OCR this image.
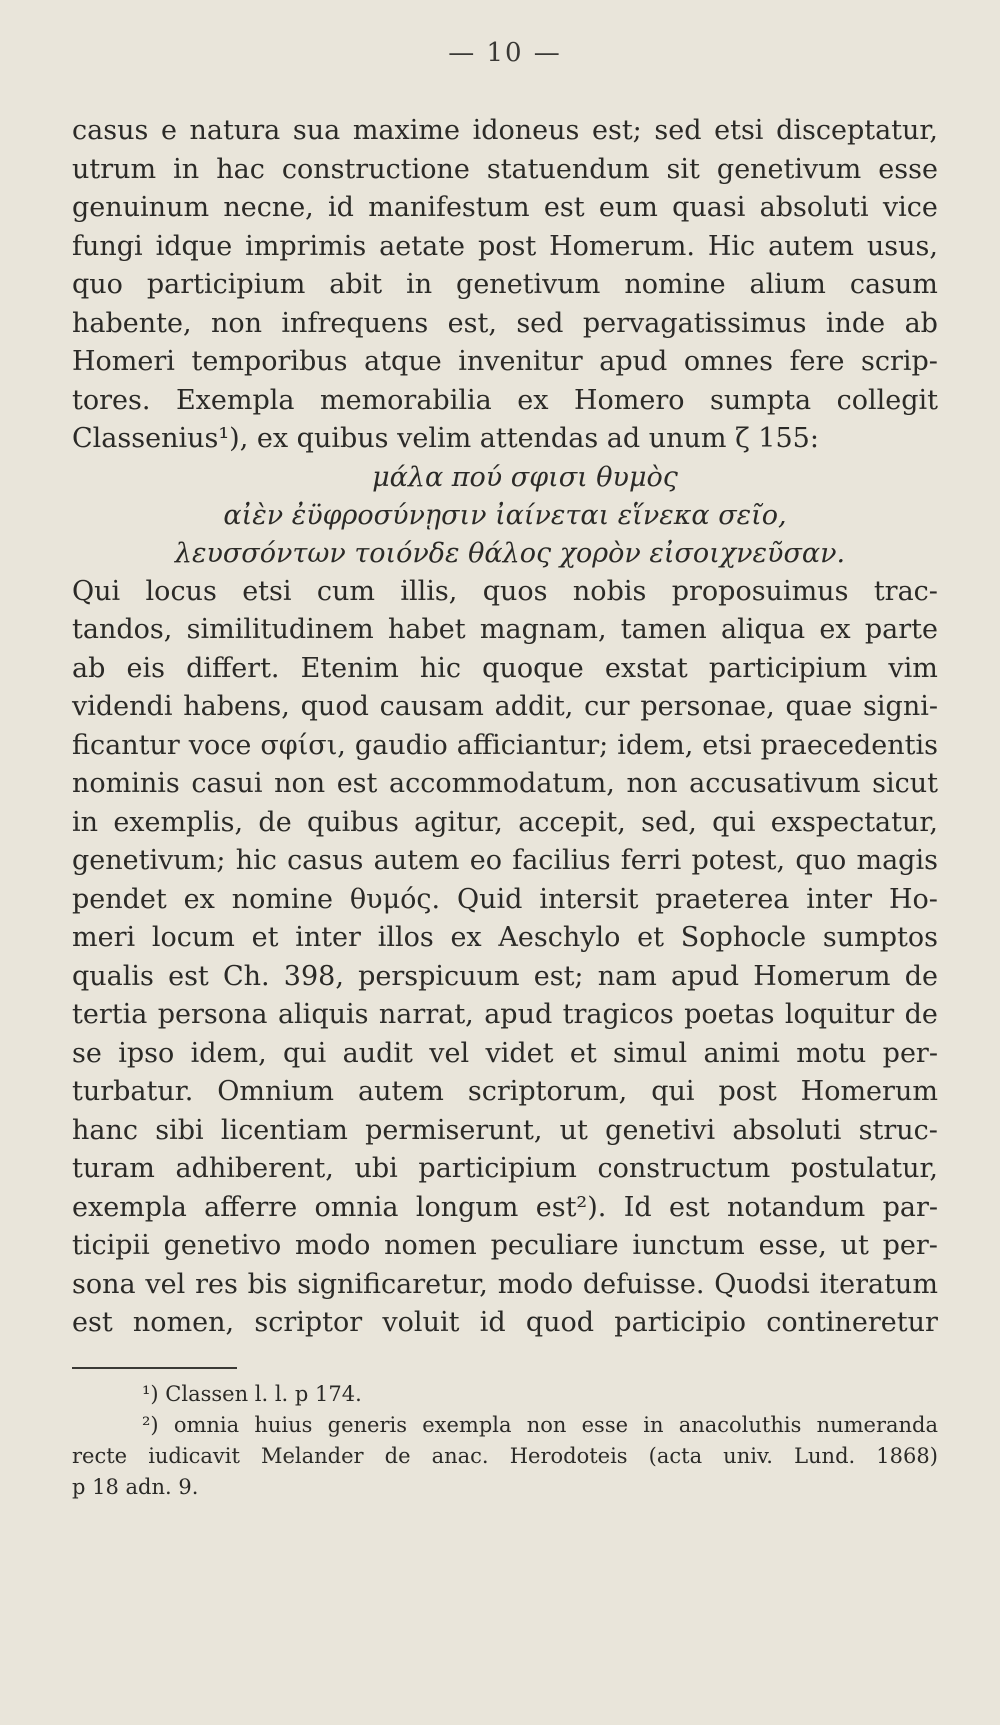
— 10 —
casus e natura sua maxime idoneus est; sed etsi disceptatur,
utrum in hac constructione statuendum sit genetivum esse
genuinum necne, id manifestum est eum quasi absoluti vice
fungi idque imprimis aetate post Homerum. Hic autem usus,
quo participium abit in genetivum nomine alium casum
habente, non infrequens est, sed pervagatissimus inde ab
Homeri temporibus atque invenitur apud omnes fere scrip-
tores. Exempla memorabilia ex Homero sumpta collegit
Classenius¹), ex quibus velim attendas ad unum ζ 155:
μάλα πού σφισι θυμὸς
αἰὲν ἐϋφροσύνῃσιν ἰαίνεται εἵνεκα σεῖο,
λευσσόντων τοιόνδε θάλος χορὸν εἰσοιχνεῦσαν.
Qui locus etsi cum illis, quos nobis proposuimus trac-
tandos, similitudinem habet magnam, tamen aliqua ex parte
ab eis differt. Etenim hic quoque exstat participium vim
videndi habens, quod causam addit, cur personae, quae signi-
ficantur voce σφίσι, gaudio afficiantur; idem, etsi praecedentis
nominis casui non est accommodatum, non accusativum sicut
in exemplis, de quibus agitur, accepit, sed, qui exspectatur,
genetivum; hic casus autem eo facilius ferri potest, quo magis
pendet ex nomine θυμός. Quid intersit praeterea inter Ho-
meri locum et inter illos ex Aeschylo et Sophocle sumptos
qualis est Ch. 398, perspicuum est; nam apud Homerum de
tertia persona aliquis narrat, apud tragicos poetas loquitur de
se ipso idem, qui audit vel videt et simul animi motu per-
turbatur. Omnium autem scriptorum, qui post Homerum
hanc sibi licentiam permiserunt, ut genetivi absoluti struc-
turam adhiberent, ubi participium constructum postulatur,
exempla afferre omnia longum est²). Id est notandum par-
ticipii genetivo modo nomen peculiare iunctum esse, ut per-
sona vel res bis significaretur, modo defuisse. Quodsi iteratum
est nomen, scriptor voluit id quod participio contineretur
¹) Classen l. l. p 174.
²) omnia huius generis exempla non esse in anacoluthis numeranda
recte iudicavit Melander de anac. Herodoteis (acta univ. Lund. 1868)
p 18 adn. 9.
